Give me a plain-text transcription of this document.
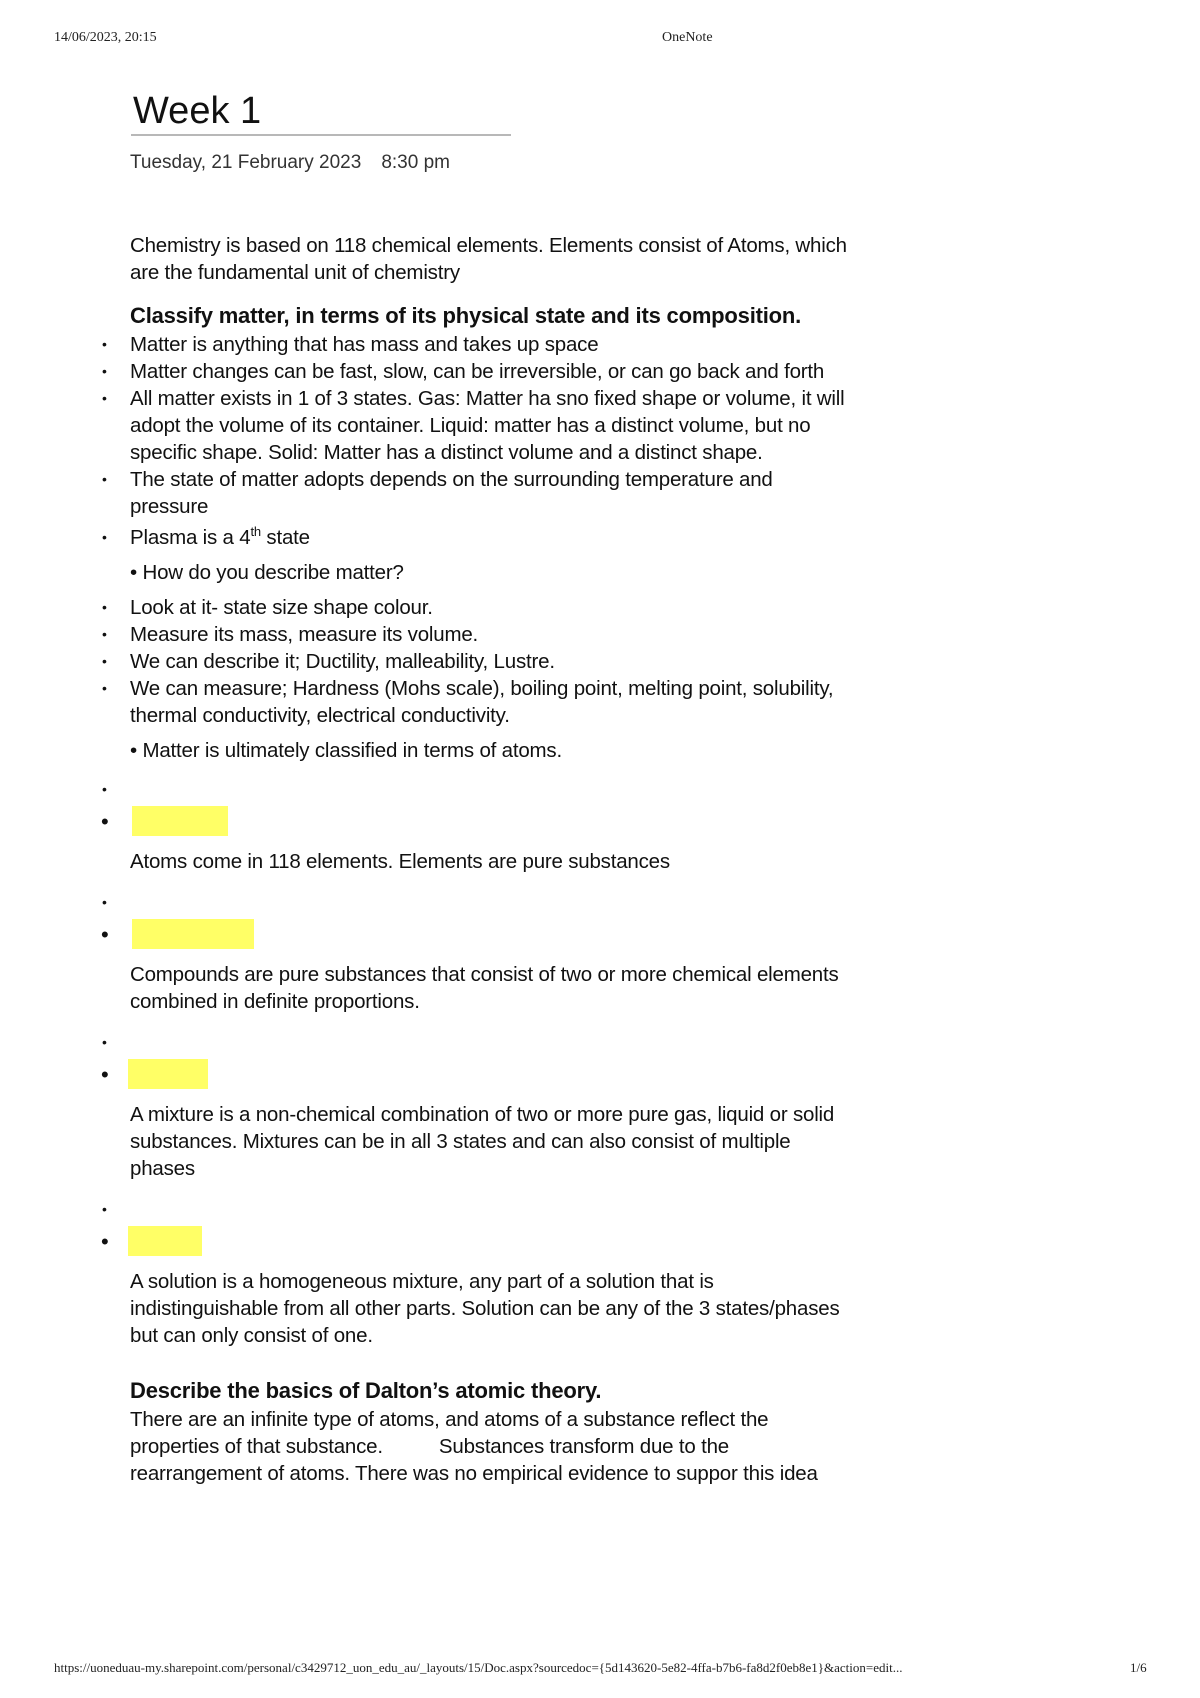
14/06/2023, 20:15	OneNote
Week 1
Tuesday, 21 February 2023 8:30 pm

Chemistry is based on 118 chemical elements. Elements consist of Atoms, which are the fundamental unit of chemistry

Classify matter, in terms of its physical state and its composition.

• Matter is anything that has mass and takes up space
• Matter changes can be fast, slow, can be irreversible, or can go back and forth
• All matter exists in 1 of 3 states. Gas: Matter ha sno fixed shape or volume, it will adopt the volume of its container. Liquid: matter has a distinct volume, but no specific shape. Solid: Matter has a distinct volume and a distinct shape.
• The state of matter adopts depends on the surrounding temperature and pressure
• Plasma is a 4th state

• How do you describe matter?

• Look at it- state size shape colour.
• Measure its mass, measure its volume.
• We can describe it; Ductility, malleability, Lustre.
• We can measure; Hardness (Mohs scale), boiling point, melting point, solubility, thermal conductivity, electrical conductivity.

• Matter is ultimately classified in terms of atoms.

•
•

Atoms come in 118 elements. Elements are pure substances

•
•

Compounds are pure substances that consist of two or more chemical elements combined in definite proportions.

•
•

A mixture is a non-chemical combination of two or more pure gas, liquid or solid substances. Mixtures can be in all 3 states and can also consist of multiple phases

•
•

A solution is a homogeneous mixture, any part of a solution that is indistinguishable from all other parts. Solution can be any of the 3 states/phases but can only consist of one.

Describe the basics of Dalton’s atomic theory.

There are an infinite type of atoms, and atoms of a substance reflect the properties of that substance.	Substances transform due to the rearrangement of atoms. There was no empirical evidence to suppor this idea

https://uoneduau-my.sharepoint.com/personal/c3429712_uon_edu_au/_layouts/15/Doc.aspx?sourcedoc={5d143620-5e82-4ffa-b7b6-fa8d2f0eb8e1}&action=edit...	1/6
